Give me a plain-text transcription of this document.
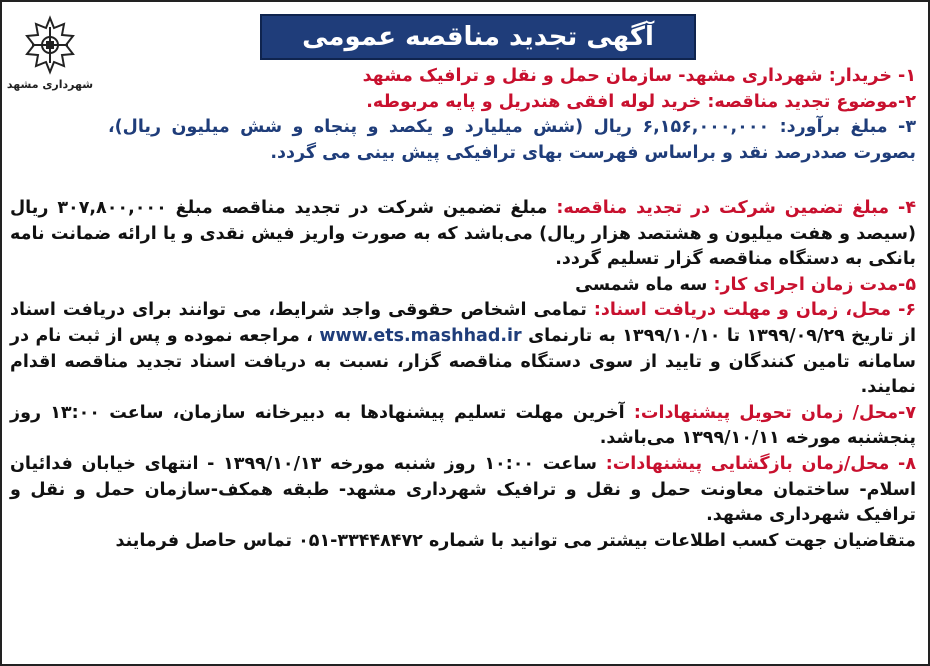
آگهی تجدید مناقصه عمومی
شهرداری مشهد	۱- خریدار: شهرداری مشهد- سازمان حمل و نقل و ترافیک مشهد

۲-موضوع تجدید مناقصه: خرید لوله افقی هندریل و پایه مربوطه.

۳- مبلغ برآورد: ۶,۱۵۶,۰۰۰,۰۰۰ ریال (شش میلیارد و یکصد و پنجاه و شش میلیون ریال)، بصورت صددرصد نقد و براساس فهرست بهای ترافیکی پیش بینی می گردد.

۴- مبلغ تضمین شرکت در تجدید مناقصه: مبلغ تضمین شرکت در تجدید مناقصه مبلغ ۳۰۷,۸۰۰,۰۰۰ ریال (سیصد و هفت میلیون و هشتصد هزار ریال) می‌باشد که به صورت واریز فیش نقدی و یا ارائه ضمانت نامه بانکی به دستگاه مناقصه گزار تسلیم گردد.

۵-مدت زمان اجرای کار: سه ماه شمسی

۶- محل، زمان و مهلت دریافت اسناد: تمامی اشخاص حقوقی واجد شرایط، می توانند برای دریافت اسناد از تاریخ ۱۳۹۹/۰۹/۲۹ تا ۱۳۹۹/۱۰/۱۰ به تارنمای www.ets.mashhad.ir ، مراجعه نموده و پس از ثبت نام در سامانه تامین کنندگان و تایید از سوی دستگاه مناقصه گزار، نسبت به دریافت اسناد تجدید مناقصه اقدام نمایند.

۷-محل/ زمان تحویل پیشنهادات: آخرین مهلت تسلیم پیشنهادها به دبیرخانه سازمان، ساعت ۱۳:۰۰ روز پنجشنبه مورخه ۱۳۹۹/۱۰/۱۱ می‌باشد.

۸- محل/زمان بازگشایی پیشنهادات: ساعت ۱۰:۰۰ روز شنبه مورخه ۱۳۹۹/۱۰/۱۳ - انتهای خیابان فدائیان اسلام- ساختمان معاونت حمل و نقل و ترافیک شهرداری مشهد- طبقه همکف-سازمان حمل و نقل و ترافیک شهرداری مشهد.

متقاضیان جهت کسب اطلاعات بیشتر می توانید با شماره ۳۳۴۴۸۴۷۲-۰۵۱ تماس حاصل فرمایند
